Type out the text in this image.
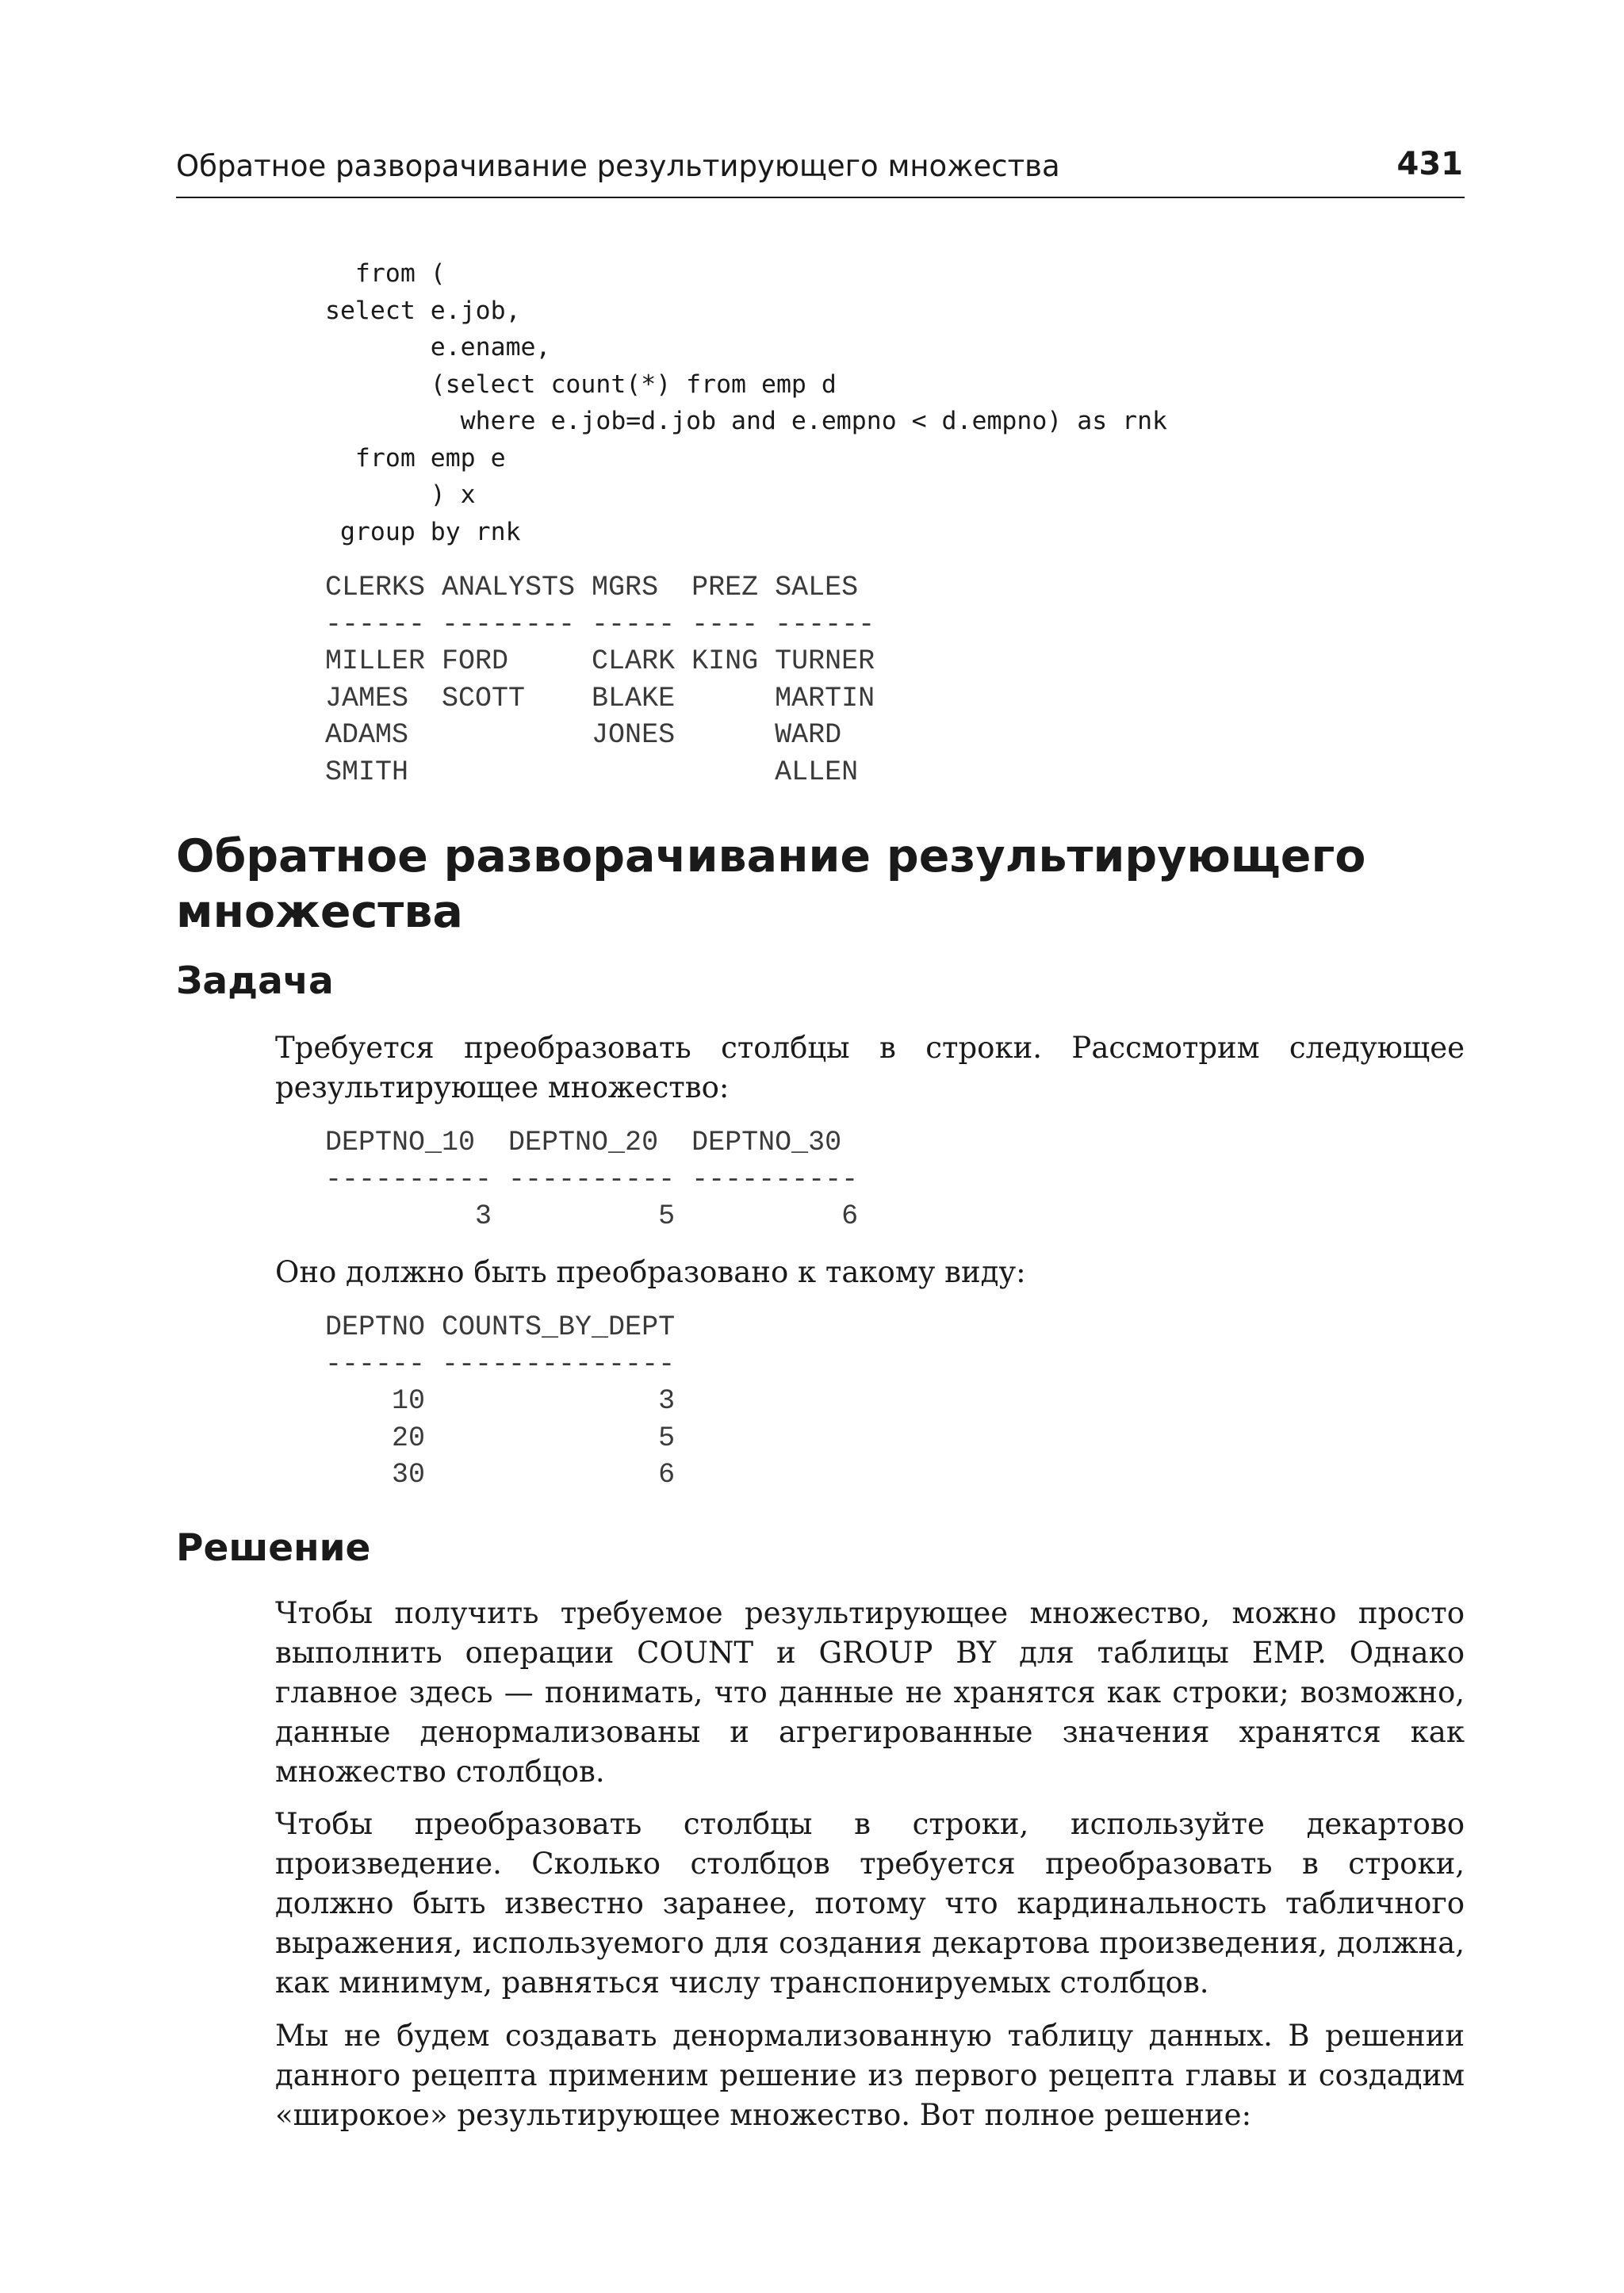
Обратное разворачивание результирующего множества	431
from (
select e.job,
e.ename,
(select count(*) from emp d
where e.job=d.job and e.empno < d.empno) as rnk
from emp e
) x
group by rnk
CLERKS ANALYSTS MGRS  PREZ SALES
------ -------- ----- ---- ------
MILLER FORD     CLARK KING TURNER
JAMES  SCOTT    BLAKE      MARTIN
ADAMS           JONES      WARD
SMITH                      ALLEN
Обратное разворачивание результирующего множества
Задача

Требуется преобразовать столбцы в строки. Рассмотрим следующее результирующее множество:

DEPTNO_10  DEPTNO_20  DEPTNO_30
---------- ---------- ----------
3          5          6

Оно должно быть преобразовано к такому виду:

DEPTNO COUNTS_BY_DEPT
------ --------------
10              3
20              5
30              6
Решение

Чтобы получить требуемое результирующее множество, можно просто выполнить операции COUNT и GROUP BY для таблицы EMP. Однако главное здесь — понимать, что данные не хранятся как строки; возможно, данные денормализованы и агрегированные значения хранятся как множество столбцов.

Чтобы преобразовать столбцы в строки, используйте декартово произведение. Сколько столбцов требуется преобразовать в строки, должно быть известно заранее, потому что кардинальность табличного выражения, используемого для создания декартова произведения, должна, как минимум, равняться числу транспонируемых столбцов.

Мы не будем создавать денормализованную таблицу данных. В решении данного рецепта применим решение из первого рецепта главы и создадим «широкое» результирующее множество. Вот полное решение:
